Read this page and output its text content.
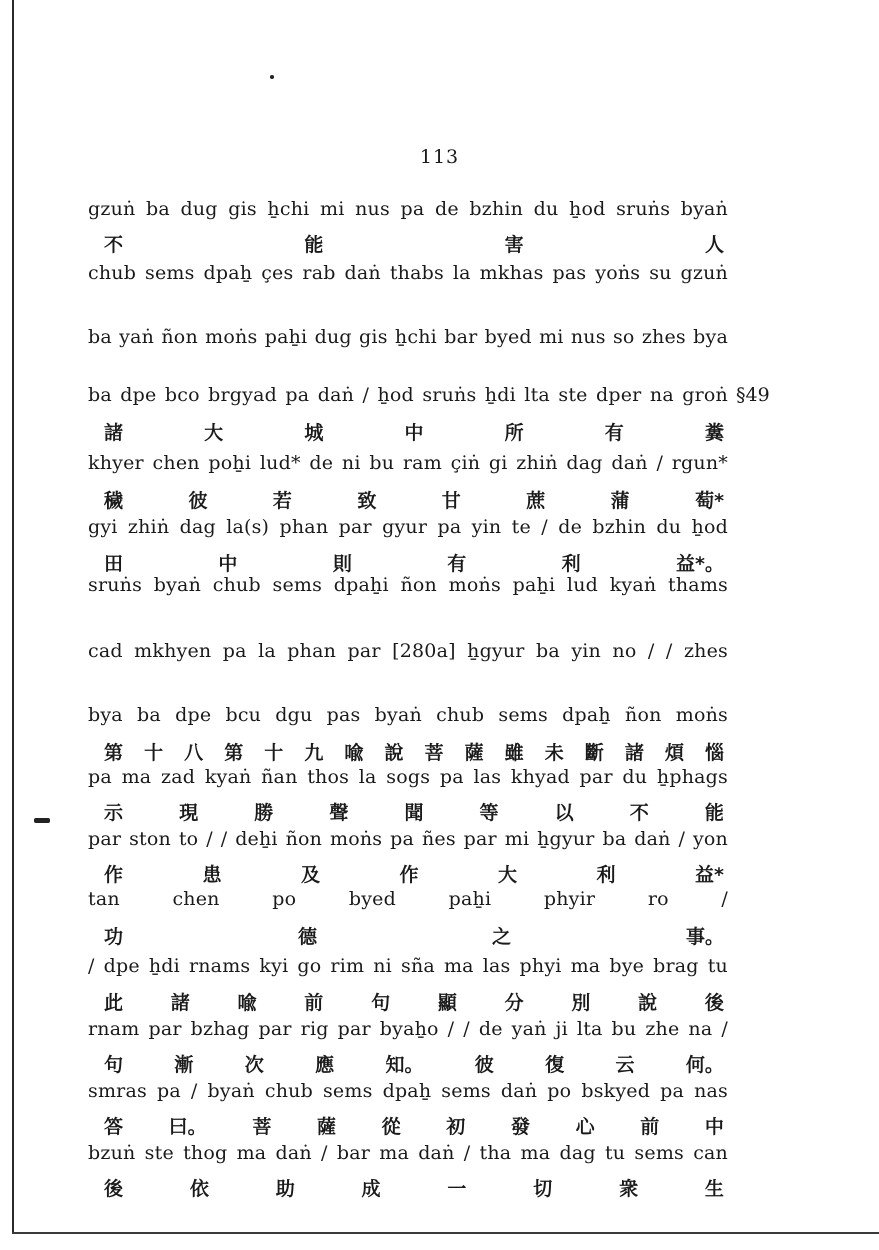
113
§49
gzuṅ ba dug gis ẖchi mi nus pa de bzhin du ẖod sruṅs byaṅ
不	能	害	人
chub sems dpaẖ çes rab daṅ thabs la mkhas pas yoṅs su gzuṅ
ba yaṅ ñon moṅs paẖi dug gis ẖchi bar byed mi nus so zhes bya
ba dpe bco brgyad pa daṅ / ẖod sruṅs ẖdi lta ste dper na groṅ
諸	大	城	中	所	有	糞
khyer chen poẖi lud* de ni bu ram çiṅ gi zhiṅ dag daṅ / rgun*
穢	彼	若	致	甘	蔗	蒲	萄*
gyi zhiṅ dag la(s) phan par gyur pa yin te / de bzhin du ẖod
田	中	則	有	利	益*。
sruṅs byaṅ chub sems dpaẖi ñon moṅs paẖi lud kyaṅ thams
cad mkhyen pa la phan par [280a] ẖgyur ba yin no / / zhes
bya ba dpe bcu dgu pas byaṅ chub sems dpaẖ ñon moṅs
第 十 八 第 十 九 喩 說 菩 薩 雖 未 斷 諸 煩 惱
pa ma zad kyaṅ ñan thos la sogs pa las khyad par du ẖphags
示	現	勝	聲	聞	等	以	不	能
par ston to / / deẖi ñon moṅs pa ñes par mi ẖgyur ba daṅ / yon
作	患	及	作	大	利	益*
tan chen po byed paẖi phyir ro /
功	德	之	事。
/ dpe ẖdi rnams kyi go rim ni sña ma las phyi ma bye brag tu
此	諸	喩	前	句	顯	分	別	說	後
rnam par bzhag par rig par byaẖo / / de yaṅ ji lta bu zhe na /
句	漸	次	應	知。	彼	復	云	何。
smras pa / byaṅ chub sems dpaẖ sems daṅ po bskyed pa nas
答 曰。 菩 薩 從 初 發 心 前 中
bzuṅ ste thog ma daṅ / bar ma daṅ / tha ma dag tu sems can
後	依	助	成	一	切	衆	生
